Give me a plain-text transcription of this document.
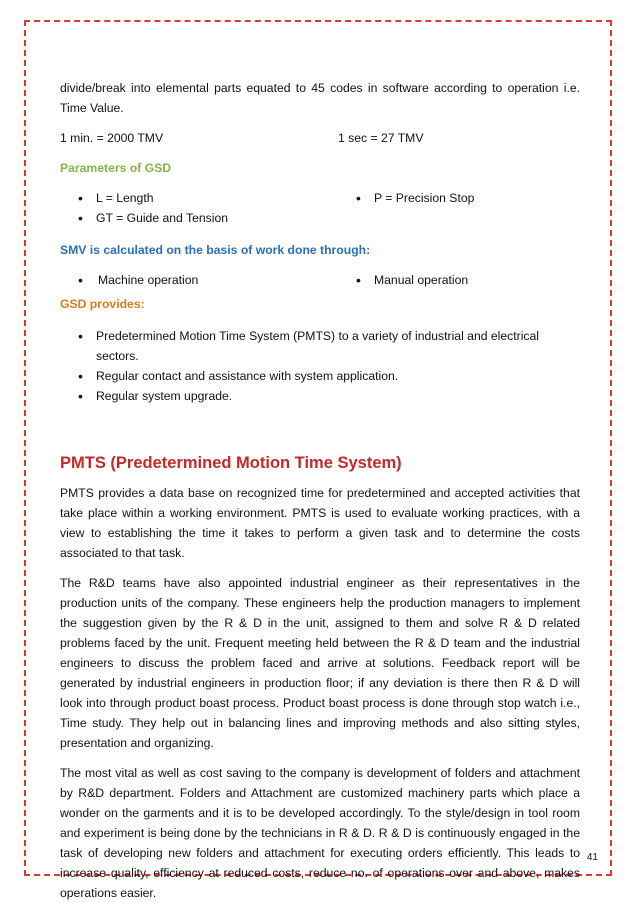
divide/break into elemental parts equated to 45 codes in software according to operation i.e. Time Value.

1 min. = 2000 TMV	1 sec = 27 TMV

Parameters of GSD

• L = Length
• GT = Guide and Tension
• P = Precision Stop

SMV is calculated on the basis of work done through:

• Machine operation
•	Manual operation

GSD provides:

• Predetermined Motion Time System (PMTS) to a variety of industrial and electrical sectors.
• Regular contact and assistance with system application.
• Regular system upgrade.
PMTS (Predetermined Motion Time System)

PMTS provides a data base on recognized time for predetermined and accepted activities that take place within a working environment. PMTS is used to evaluate working practices, with a view to establishing the time it takes to perform a given task and to determine the costs associated to that task.

The R&D teams have also appointed industrial engineer as their representatives in the production units of the company. These engineers help the production managers to implement the suggestion given by the R & D in the unit, assigned to them and solve R & D related problems faced by the unit. Frequent meeting held between the R & D team and the industrial engineers to discuss the problem faced and arrive at solutions. Feedback report will be generated by industrial engineers in production floor; if any deviation is there then R & D will look into through product boast process. Product boast process is done through stop watch i.e., Time study. They help out in balancing lines and improving methods and also sitting styles, presentation and organizing.

The most vital as well as cost saving to the company is development of folders and attachment by R&D department. Folders and Attachment are customized machinery parts which place a wonder on the garments and it is to be developed accordingly. To the style/design in tool room and experiment is being done by the technicians in R & D. R & D is continuously engaged in the task of developing new folders and attachment for executing orders efficiently. This leads to increase quality, efficiency at reduced costs, reduce no. of operations over and above, makes operations easier.

41
